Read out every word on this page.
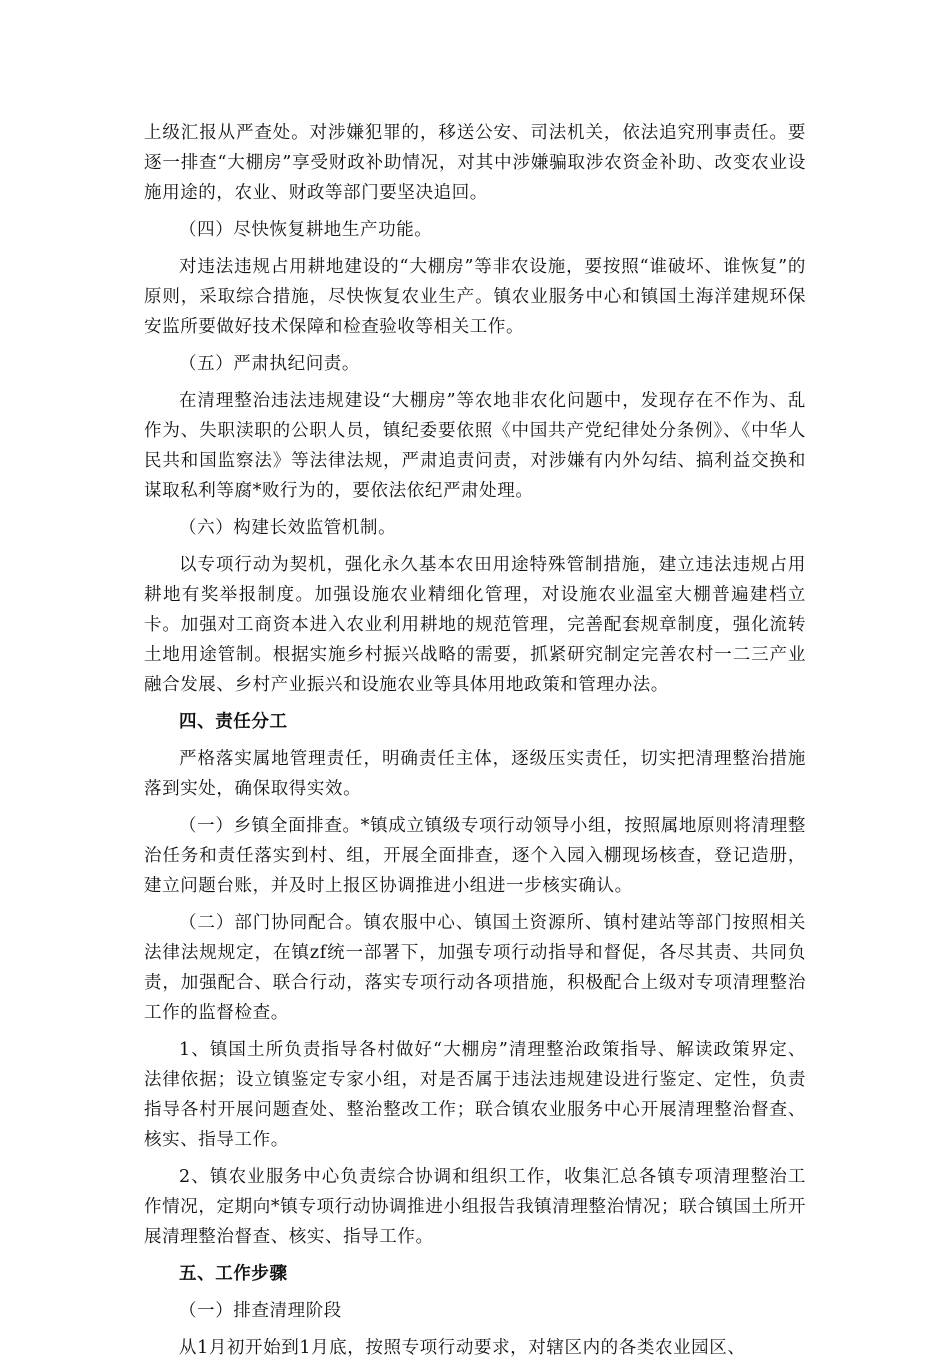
上级汇报从严查处。对涉嫌犯罪的，移送公安、司法机关，依法追究刑事责任。要逐一排查“大棚房”享受财政补助情况，对其中涉嫌骗取涉农资金补助、改变农业设施用途的，农业、财政等部门要坚决追回。

（四）尽快恢复耕地生产功能。

对违法违规占用耕地建设的“大棚房”等非农设施，要按照“谁破坏、谁恢复”的原则，采取综合措施，尽快恢复农业生产。镇农业服务中心和镇国土海洋建规环保安监所要做好技术保障和检查验收等相关工作。

（五）严肃执纪问责。

在清理整治违法违规建设“大棚房”等农地非农化问题中，发现存在不作为、乱作为、失职渎职的公职人员，镇纪委要依照《中国共产党纪律处分条例》、《中华人民共和国监察法》等法律法规，严肃追责问责，对涉嫌有内外勾结、搞利益交换和谋取私利等腐*败行为的，要依法依纪严肃处理。

（六）构建长效监管机制。

以专项行动为契机，强化永久基本农田用途特殊管制措施，建立违法违规占用耕地有奖举报制度。加强设施农业精细化管理，对设施农业温室大棚普遍建档立卡。加强对工商资本进入农业利用耕地的规范管理，完善配套规章制度，强化流转土地用途管制。根据实施乡村振兴战略的需要，抓紧研究制定完善农村一二三产业融合发展、乡村产业振兴和设施农业等具体用地政策和管理办法。

四、责任分工

严格落实属地管理责任，明确责任主体，逐级压实责任，切实把清理整治措施落到实处，确保取得实效。

（一）乡镇全面排查。*镇成立镇级专项行动领导小组，按照属地原则将清理整治任务和责任落实到村、组，开展全面排查，逐个入园入棚现场核查，登记造册，建立问题台账，并及时上报区协调推进小组进一步核实确认。

（二）部门协同配合。镇农服中心、镇国土资源所、镇村建站等部门按照相关法律法规规定，在镇zf统一部署下，加强专项行动指导和督促，各尽其责、共同负责，加强配合、联合行动，落实专项行动各项措施，积极配合上级对专项清理整治工作的监督检查。

1、镇国土所负责指导各村做好“大棚房”清理整治政策指导、解读政策界定、法律依据；设立镇鉴定专家小组，对是否属于违法违规建设进行鉴定、定性，负责指导各村开展问题查处、整治整改工作；联合镇农业服务中心开展清理整治督查、核实、指导工作。

2、镇农业服务中心负责综合协调和组织工作，收集汇总各镇专项清理整治工作情况，定期向*镇专项行动协调推进小组报告我镇清理整治情况；联合镇国土所开展清理整治督查、核实、指导工作。

五、工作步骤

（一）排查清理阶段

从1月初开始到1月底，按照专项行动要求，对辖区内的各类农业园区、
